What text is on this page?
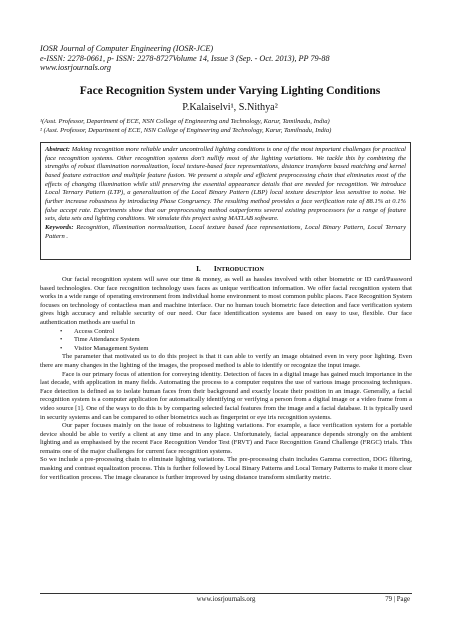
IOSR Journal of Computer Engineering (IOSR-JCE)
e-ISSN: 2278-0661, p- ISSN: 2278-8727Volume 14, Issue 3 (Sep. - Oct. 2013), PP 79-88
www.iosrjournals.org
Face Recognition System under Varying Lighting Conditions
P.Kalaiselvi¹, S.Nithya²
¹(Asst. Professor, Department of ECE, NSN College of Engineering and Technology, Karur, Tamilnadu, India)
² (Asst. Professor, Department of ECE, NSN College of Engineering and Technology, Karur, Tamilnadu, India)

Abstract: Making recognition more reliable under uncontrolled lighting conditions is one of the most important challenges for practical face recognition systems. Other recognition systems don't nullify most of the lighting variations. We tackle this by combining the strengths of robust illumination normalization, local texture-based face representations, distance transform based matching and kernel based feature extraction and multiple feature fusion. We present a simple and efficient preprocessing chain that eliminates most of the effects of changing illumination while still preserving the essential appearance details that are needed for recognition. We introduce Local Ternary Pattern (LTP), a generalization of the Local Binary Pattern (LBP) local texture descriptor less sensitive to noise. We further increase robustness by introducing Phase Congruency. The resulting method provides a face verification rate of 88.1% at 0.1% false accept rate. Experiments show that our preprocessing method outperforms several existing preprocessors for a range of feature sets, data sets and lighting conditions. We simulate this project using MATLAB software.

Keywords: Recognition, Illumination normalization, Local texture based face representations, Local Binary Pattern, Local Ternary Pattern .

I. INTRODUCTION

Our facial recognition system will save our time & money, as well as hassles involved with other biometric or ID card/Password based technologies. Our face recognition technology uses faces as unique verification information. We offer facial recognition system that works in a wide range of operating environment from individual home environment to most common public places. Face Recognition System focuses on technology of contactless man and machine interface. Our no human touch biometric face detection and face verification system gives high accuracy and reliable security of our need. Our face identification systems are based on easy to use, flexible. Our face authentication methods are useful in

• Access Control
• Time Attendance System
• Visitor Management System

The parameter that motivated us to do this project is that it can able to verify an image obtained even in very poor lighting. Even there are many changes in the lighting of the images, the proposed method is able to identify or recognize the input image.

Face is our primary focus of attention for conveying identity. Detection of faces in a digital image has gained much importance in the last decade, with application in many fields. Automating the process to a computer requires the use of various image processing techniques. Face detection is defined as to isolate human faces from their background and exactly locate their position in an image. Generally, a facial recognition system is a computer application for automatically identifying or verifying a person from a digital image or a video frame from a video source [1]. One of the ways to do this is by comparing selected facial features from the image and a facial database. It is typically used in security systems and can be compared to other biometrics such as fingerprint or eye iris recognition systems.

Our paper focuses mainly on the issue of robustness to lighting variations. For example, a face verification system for a portable device should be able to verify a client at any time and in any place. Unfortunately, facial appearance depends strongly on the ambient lighting and as emphasised by the recent Face Recognition Vendor Test (FRVT) and Face Recognition Grand Challenge (FRGC) trials. This remains one of the major challenges for current face recognition systems.

So we include a pre-processing chain to eliminate lighting variations. The pre-processing chain includes Gamma correction, DOG filtering, masking and contrast equalization process. This is further followed by Local Binary Patterns and Local Ternary Patterns to make it more clear for verification process. The image clearance is further improved by using distance transform similarity metric.

www.iosrjournals.org	79 | Page
